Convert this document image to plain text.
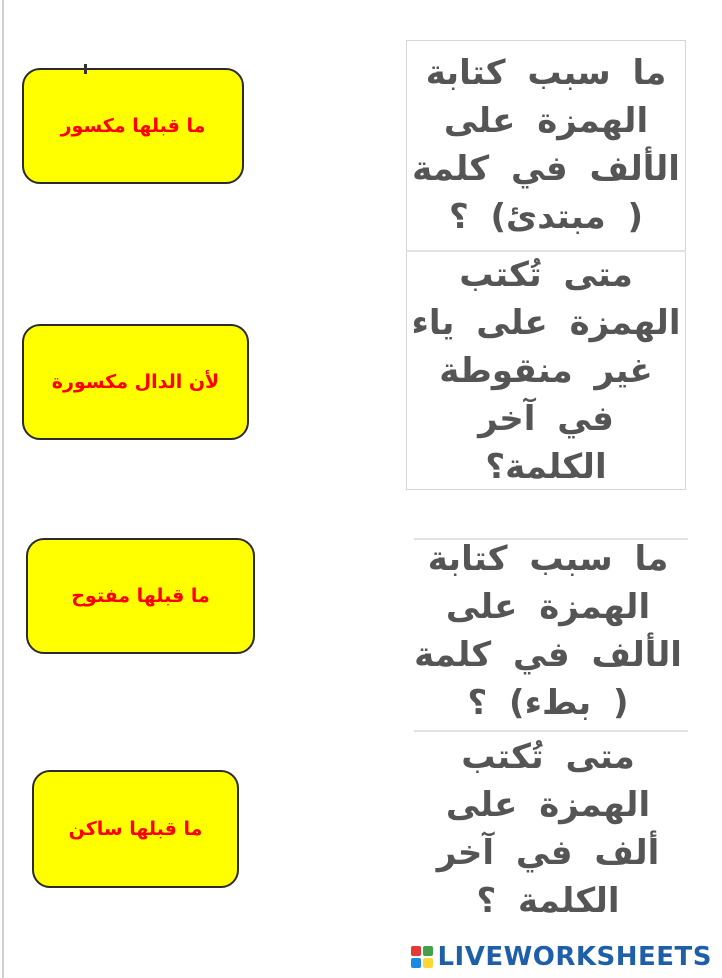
ما قبلها مكسور
لأن الدال مكسورة
ما قبلها مفتوح
ما قبلها ساكن
ما سبب كتابة الهمزة على الألف في كلمة ( مبتدئ) ؟
متى تُكتب الهمزة على ياء غير منقوطة في آخر الكلمة؟
ما سبب كتابة الهمزة على الألف في كلمة ( بطء) ؟
متى تُكتب الهمزة على ألف في آخر الكلمة ؟
LIVEWORKSHEETS
